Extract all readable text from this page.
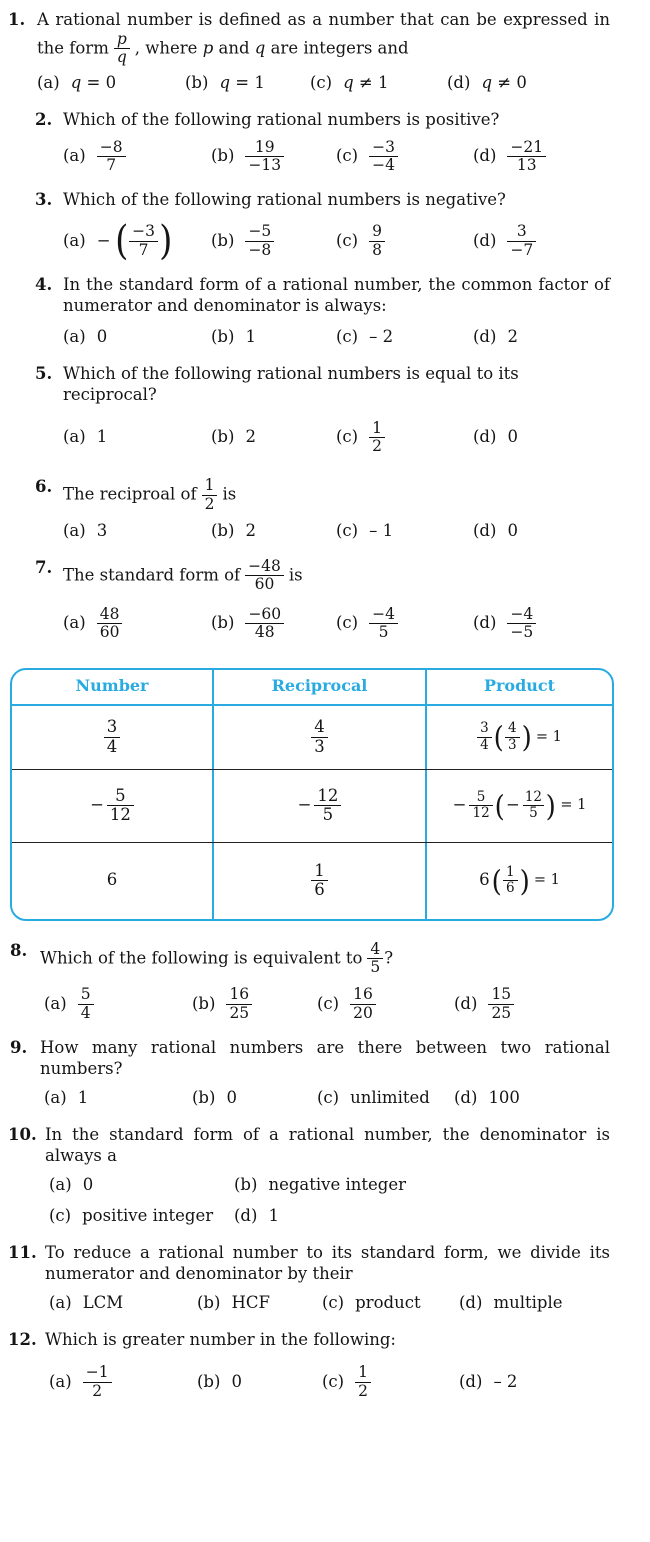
1. A rational number is defined as a number that can be expressed in
the form $\frac{p}{q}$ , where p and q are integers and
(a) q = 0	(b) q = 1	(c) q ≠ 1	(d) q ≠ 0
2. Which of the following rational numbers is positive?
$(a) \frac{-8}{7}$	$(b) \frac{19}{-13}$	$(c) \frac{-3}{-4}$	$(d) \frac{-21}{13}$
3. Which of the following rational numbers is negative?
(a) − ( $\frac{-3}{7}$ ) $(b) \frac{-5}{-8}$	$(c) \frac{9}{8}$	$(d) \frac{3}{-7}$
4. In the standard form of a rational number, the common factor of
numerator and denominator is always:
(a) 0	(b) 1	(c) – 2	(d) 2
5. Which of the following rational numbers is equal to its reciprocal?
(a) 1	(b) 2	$(c) \frac{1}{2}$	(d) 0
6. The reciproal of $\frac{1}{2}$ is
(a) 3	(b) 2	(c) – 1	(d) 0
7. The standard form of $\frac{-48}{60}$ is
$(a) \frac{48}{60}$	$(b) \frac{-60}{48}$	$(c) \frac{-4}{5}$	$(d) \frac{-4}{-5}$
Number	Reciprocal	Product
$\frac{3}{4}$	$\frac{4}{3}$	$\frac{3}{4}$ ( $\frac{4}{3}$ ) = 1
− $\frac{5}{12}$	− $\frac{12}{5}$	− $\frac{5}{12}$ ( − $\frac{12}{5}$ ) = 1
6	$\frac{1}{6}$	6 ( $\frac{1}{6}$ ) = 1
8. Which of the following is equivalent to $\frac{4}{5}$ ?
$(a) \frac{5}{4}$	$(b) \frac{16}{25}$	$(c) \frac{16}{20}$	$(d) \frac{15}{25}$
9. How many rational numbers are there between two rational
numbers?
(a) 1	(b) 0	(c) unlimited (d) 100
10. In the standard form of a rational number, the denominator is
always a
(a) 0	(b) negative integer
(c) positive integer (d) 1
11. To reduce a rational number to its standard form, we divide its
numerator and denominator by their
(a) LCM	(b) HCF	(c) product (d) multiple
12. Which is greater number in the following:
$(a) \frac{-1}{2}$	(b) 0	$(c) \frac{1}{2}$	(d) – 2
